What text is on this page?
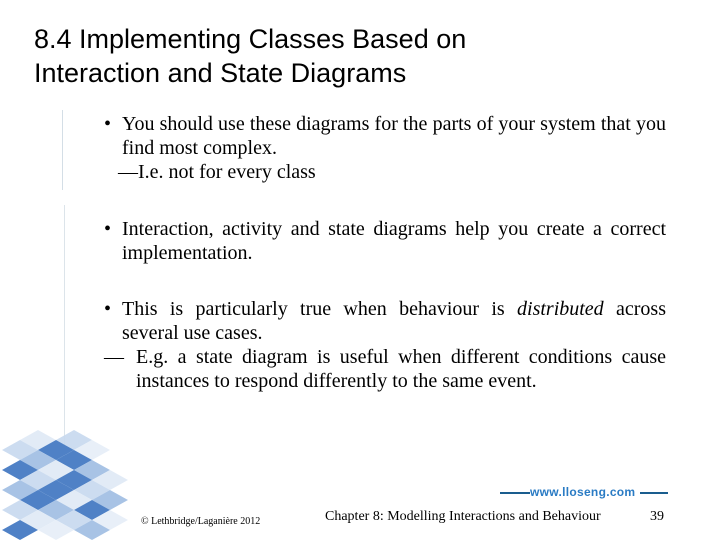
8.4 Implementing Classes Based on
Interaction and State Diagrams
• You should use these diagrams for the parts of your system that you find most complex.
—I.e. not for every class
• Interaction, activity and state diagrams help you create a correct implementation.
• This is particularly true when behaviour is distributed across several use cases.
— E.g. a state diagram is useful when different conditions cause instances to respond differently to the same event.
www.lloseng.com
© Lethbridge/Laganière 2012	Chapter 8: Modelling Interactions and Behaviour	39
